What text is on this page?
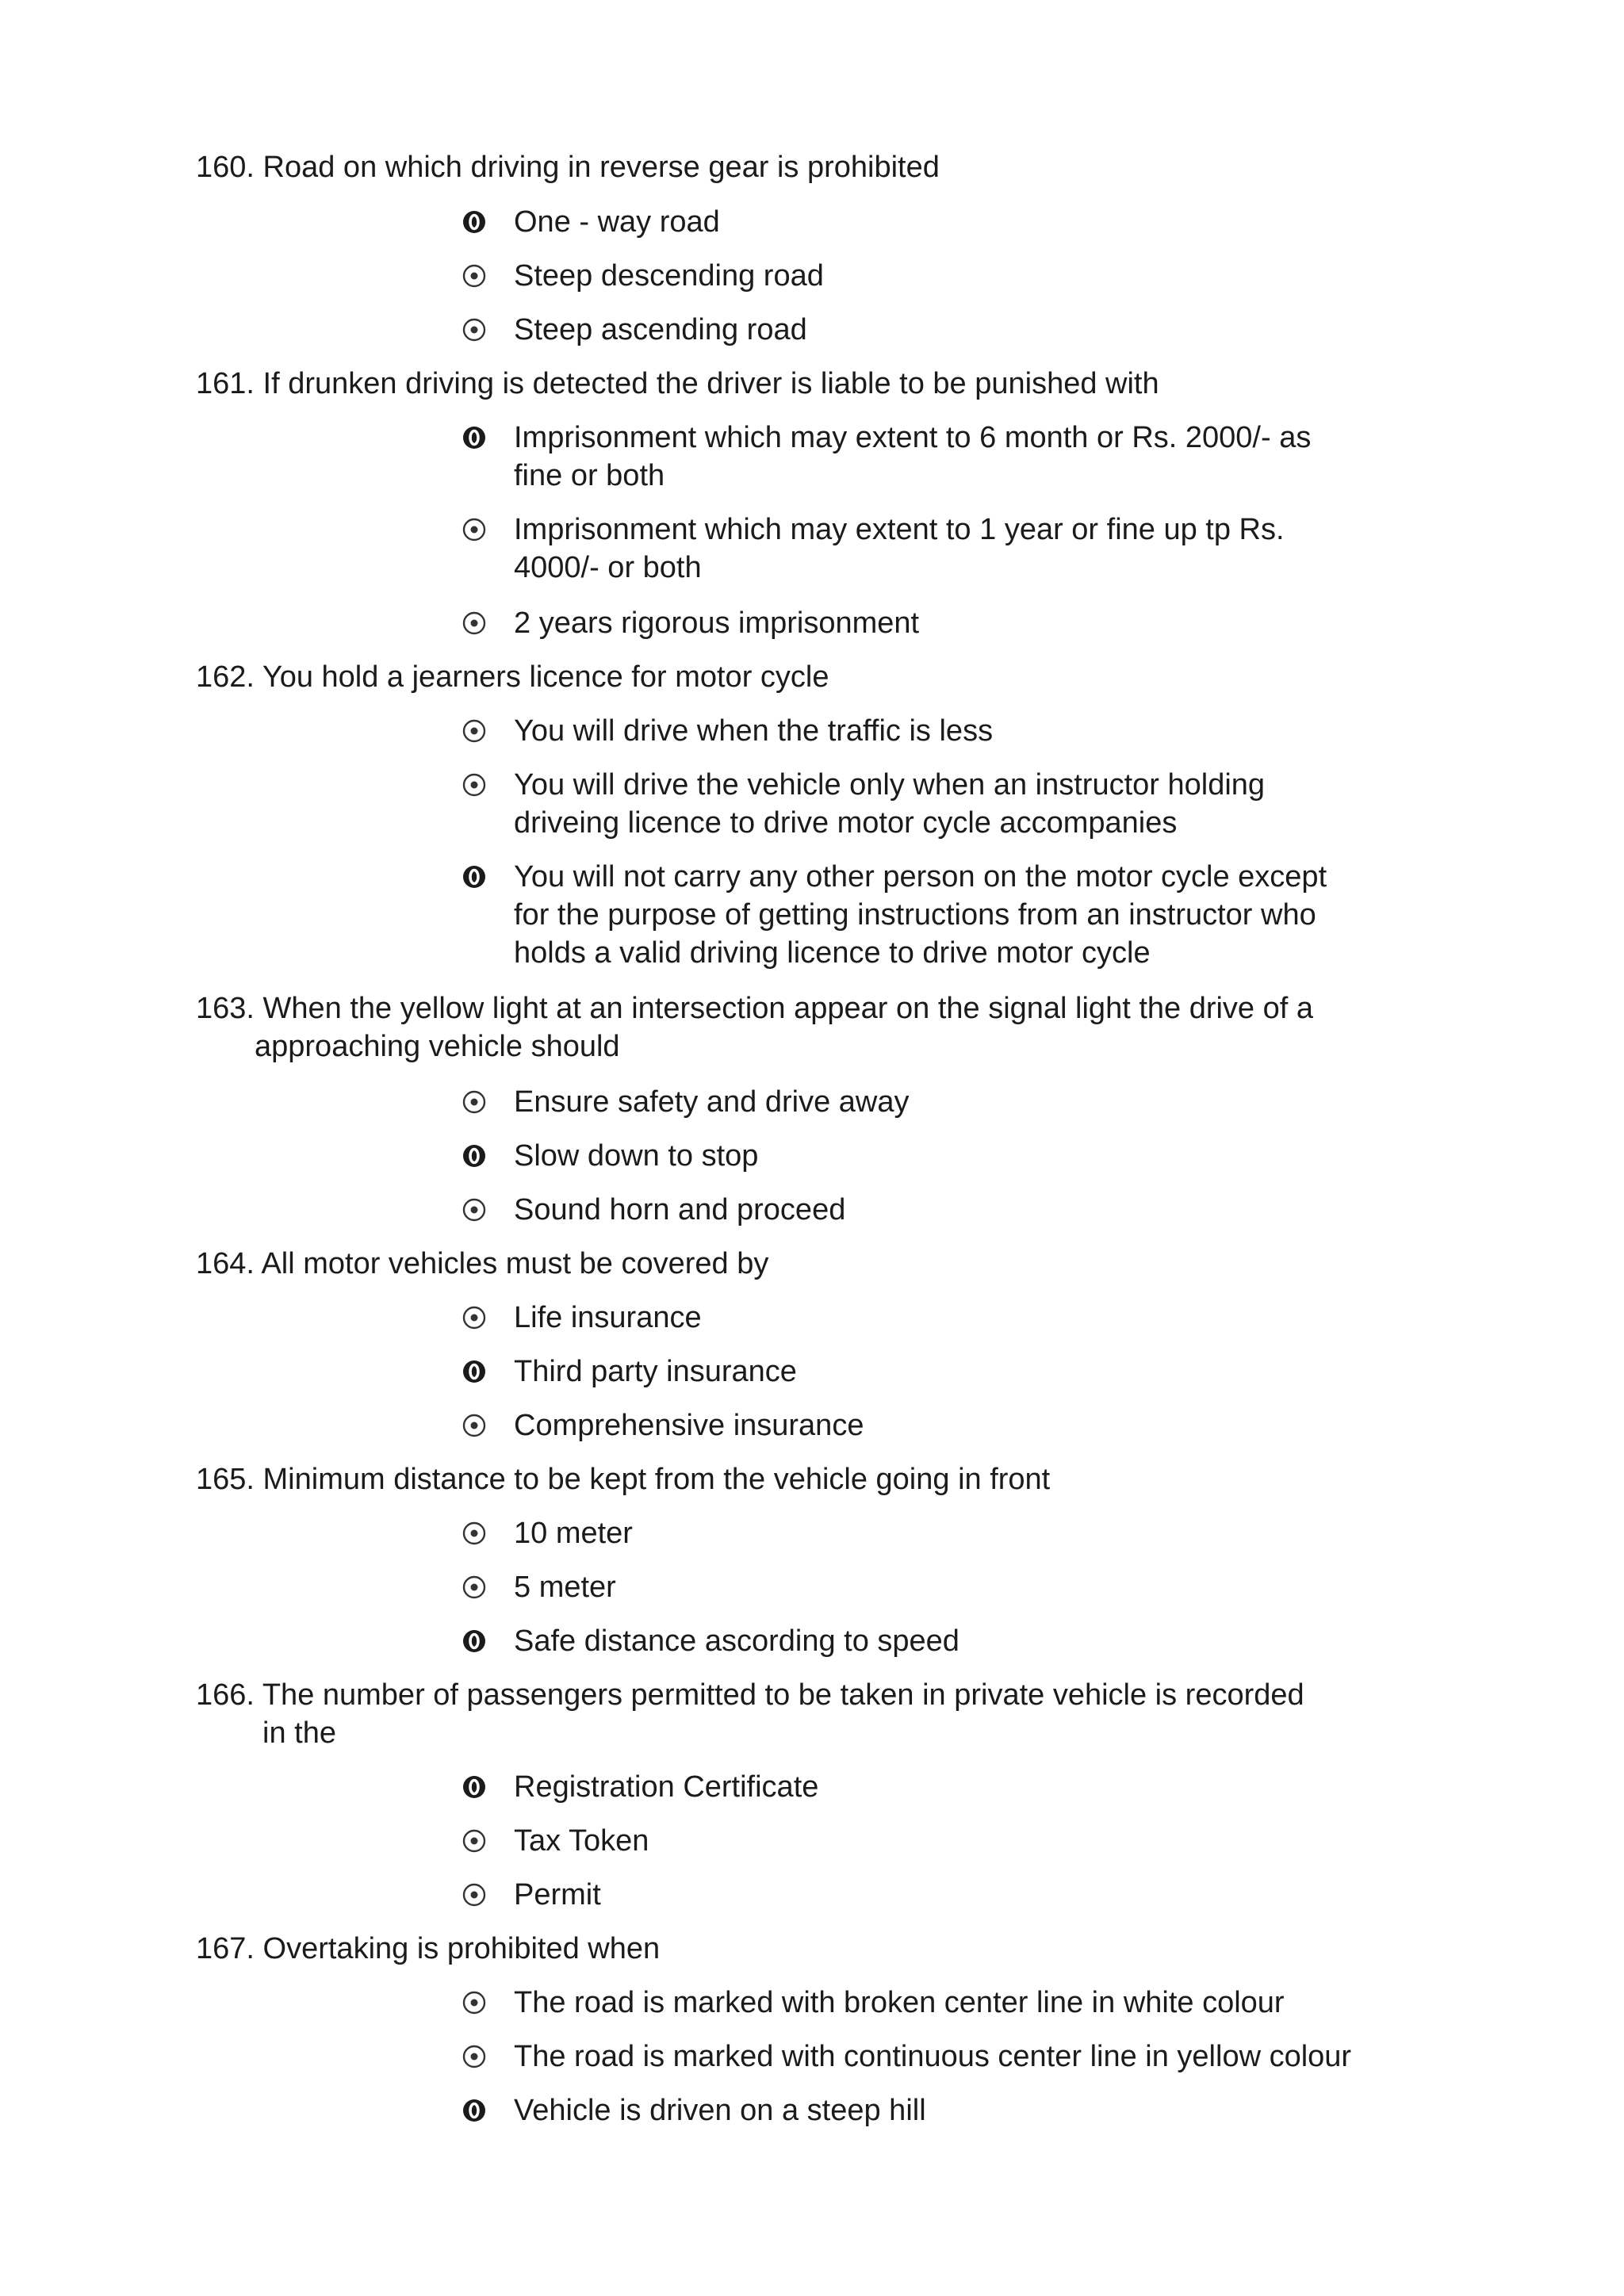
160. Road on which driving in reverse gear is prohibited
One - way road
Steep descending road
Steep ascending road
161. If drunken driving is detected the driver is liable to be punished with
Imprisonment which may extent to 6 month or Rs. 2000/- as
fine or both
Imprisonment which may extent to 1 year or fine up tp Rs.
4000/- or both
2 years rigorous imprisonment
162. You hold a jearners licence for motor cycle
You will drive when the traffic is less
You will drive the vehicle only when an instructor holding
driveing licence to drive motor cycle accompanies
You will not carry any other person on the motor cycle except
for the purpose of getting instructions from an instructor who
holds a valid driving licence to drive motor cycle
163. When the yellow light at an intersection appear on the signal light the drive of a
approaching vehicle should
Ensure safety and drive away
Slow down to stop
Sound horn and proceed
164. All motor vehicles must be covered by
Life insurance
Third party insurance
Comprehensive insurance
165. Minimum distance to be kept from the vehicle going in front
10 meter
5 meter
Safe distance ascording to speed
166. The number of passengers permitted to be taken in private vehicle is recorded
in the
Registration Certificate
Tax Token
Permit
167. Overtaking is prohibited when
The road is marked with broken center line in white colour
The road is marked with continuous center line in yellow colour
Vehicle is driven on a steep hill
